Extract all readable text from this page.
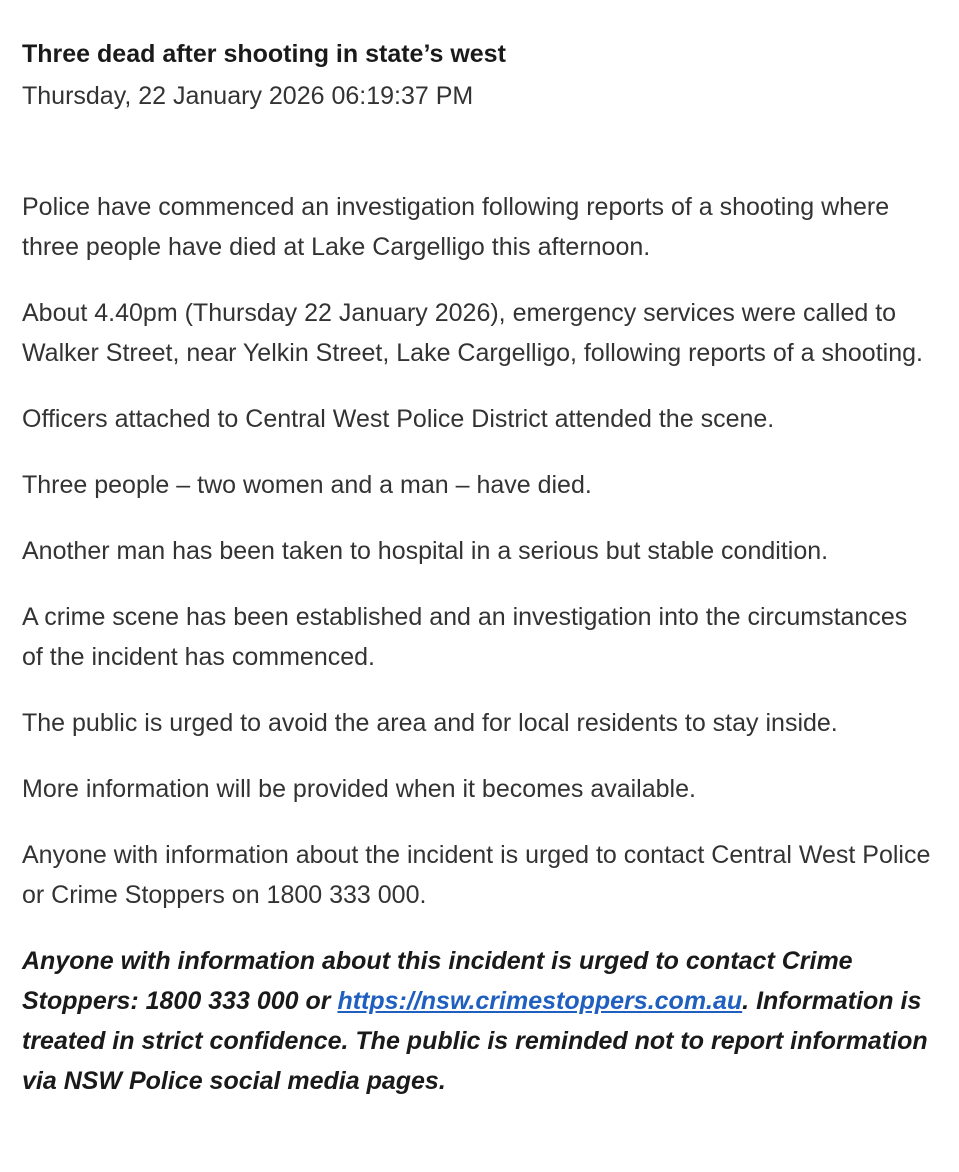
Three dead after shooting in state’s west
Thursday, 22 January 2026 06:19:37 PM

Police have commenced an investigation following reports of a shooting where three people have died at Lake Cargelligo this afternoon.

About 4.40pm (Thursday 22 January 2026), emergency services were called to Walker Street, near Yelkin Street, Lake Cargelligo, following reports of a shooting.

Officers attached to Central West Police District attended the scene.

Three people – two women and a man – have died.

Another man has been taken to hospital in a serious but stable condition.

A crime scene has been established and an investigation into the circumstances of the incident has commenced.

The public is urged to avoid the area and for local residents to stay inside.

More information will be provided when it becomes available.

Anyone with information about the incident is urged to contact Central West Police or Crime Stoppers on 1800 333 000.

Anyone with information about this incident is urged to contact Crime Stoppers: 1800 333 000 or https://nsw.crimestoppers.com.au. Information is treated in strict confidence. The public is reminded not to report information via NSW Police social media pages.
